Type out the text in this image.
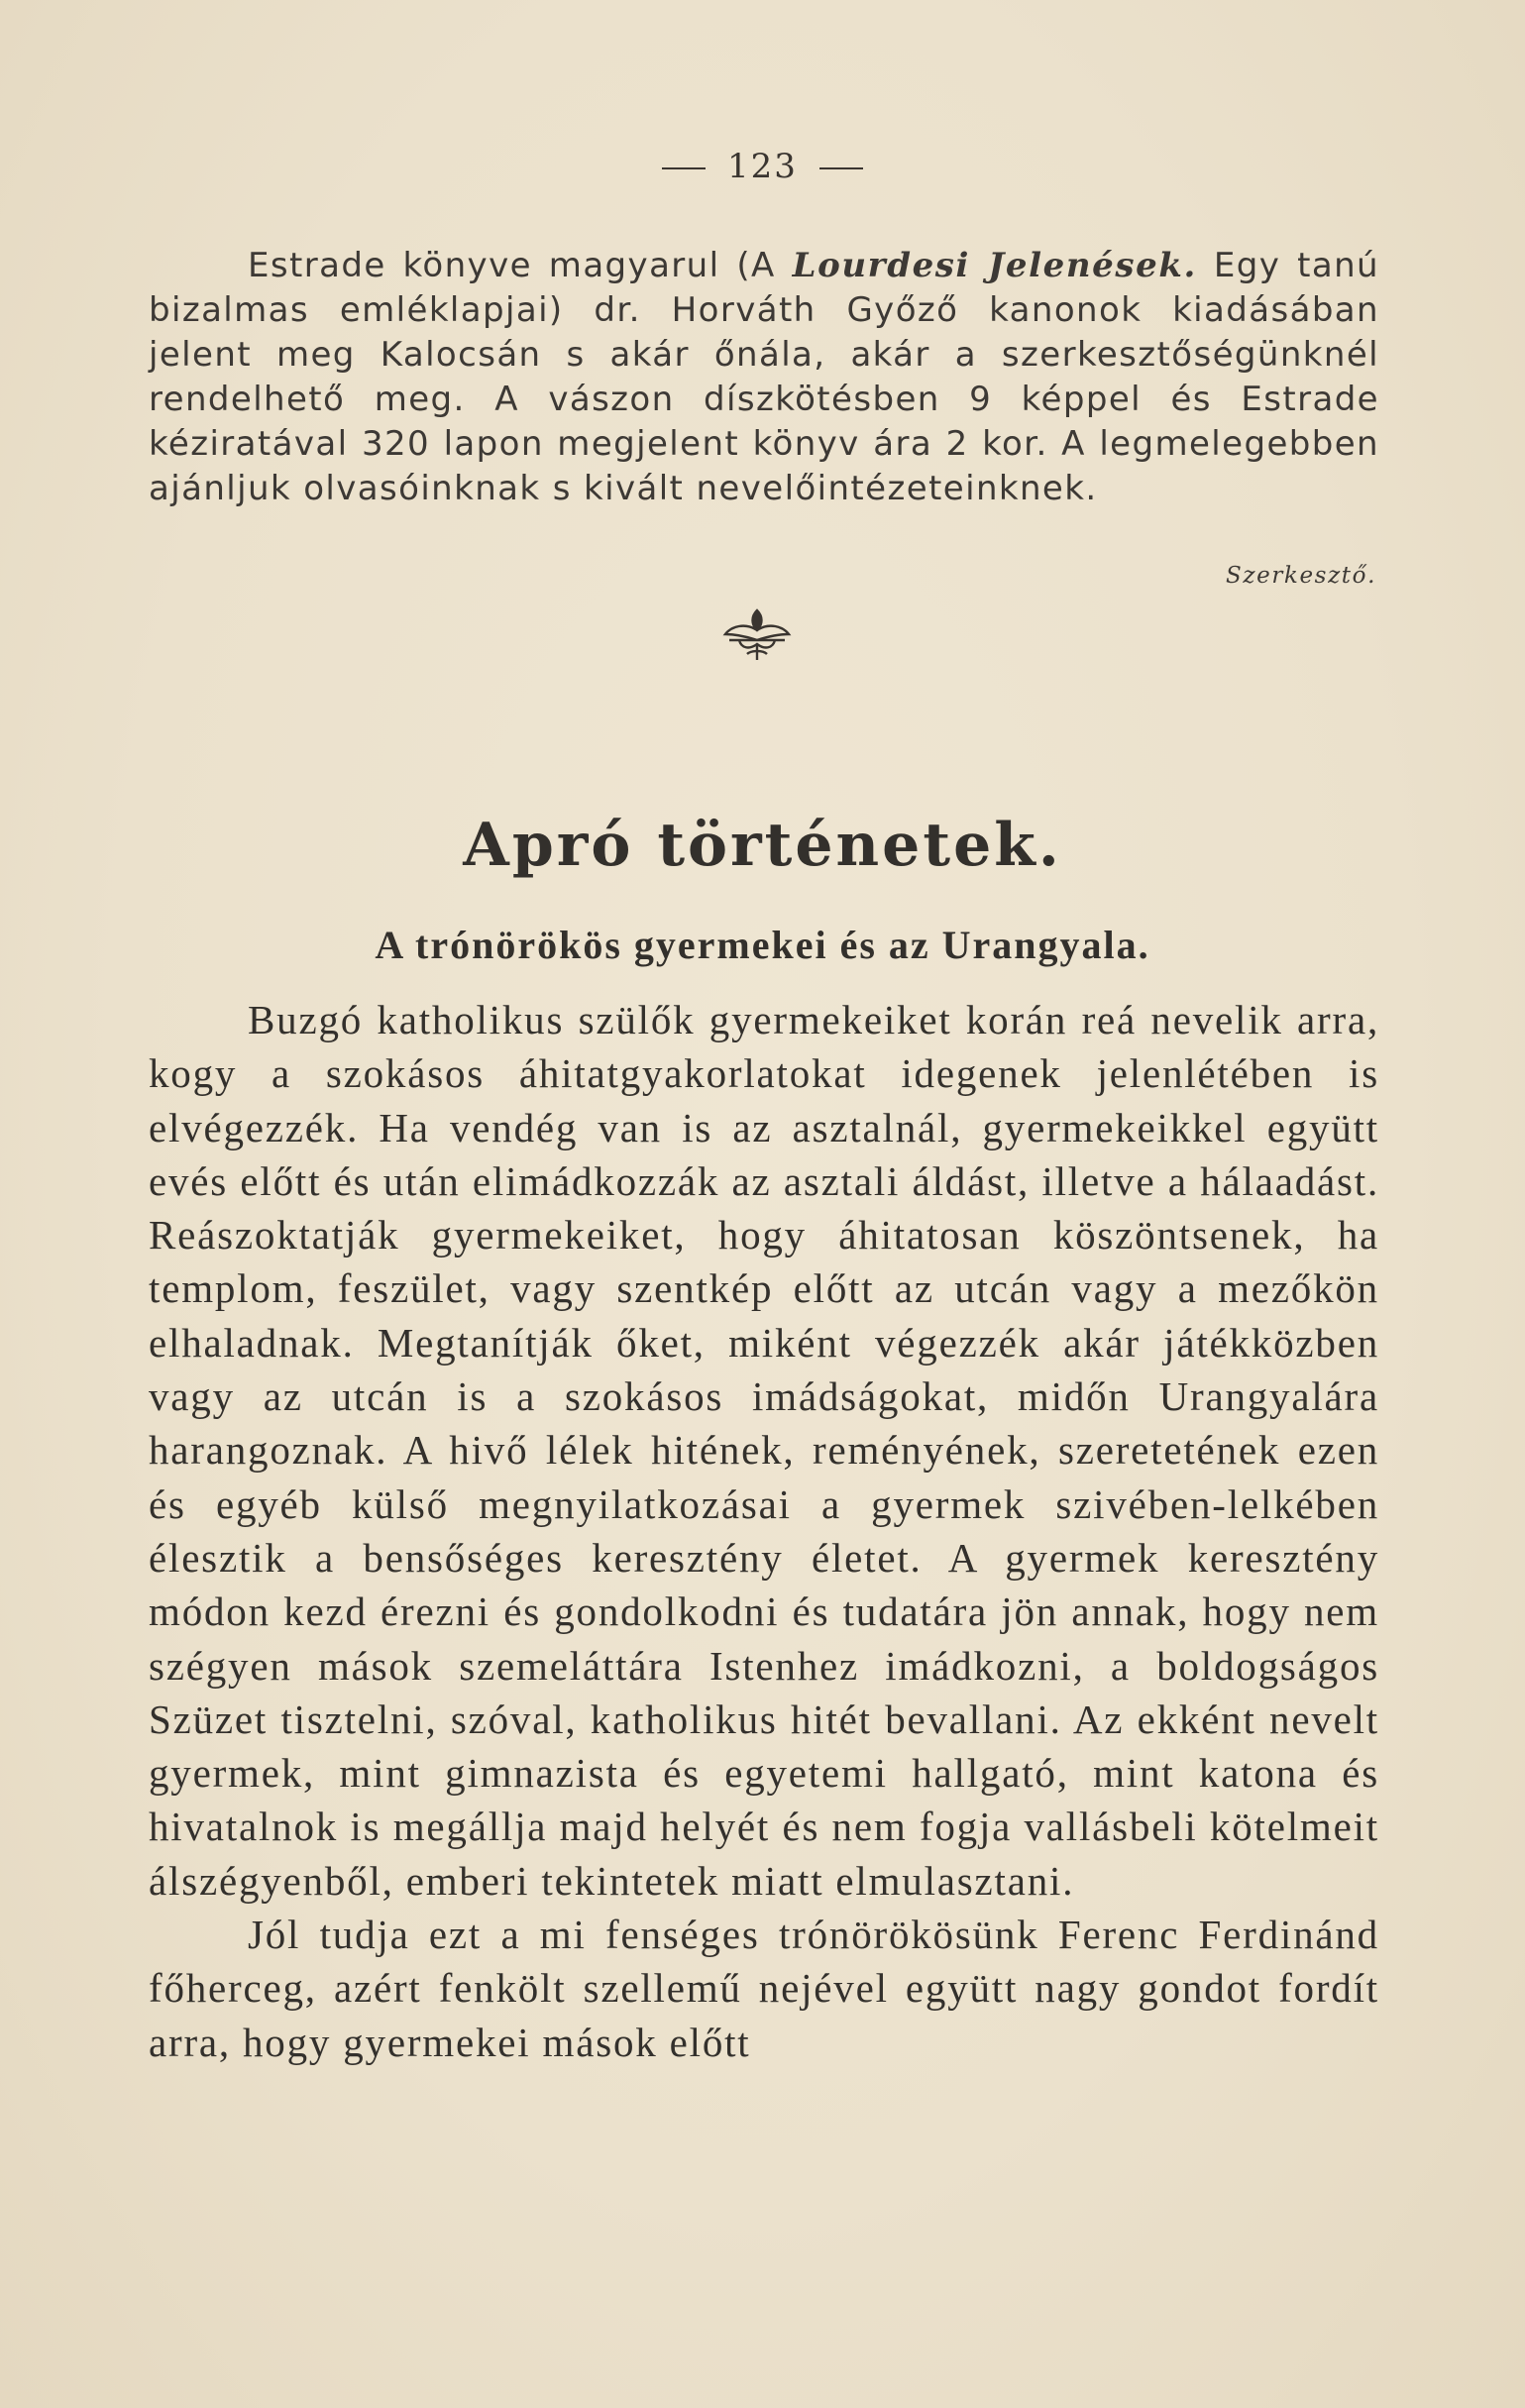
123

Estrade könyve magyarul (A Lourdesi Jelenések. Egy tanú bizalmas emléklapjai) dr. Horváth Győző kanonok kiadásában jelent meg Kalocsán s akár őnála, akár a szerkesztőségünknél rendelhető meg. A vászon díszkötésben 9 képpel és Estrade kéziratával 320 lapon megjelent könyv ára 2 kor. A legmelegebben ajánljuk olvasóinknak s kivált nevelőintézeteinknek.

Szerkesztő.
Apró történetek.
A trónörökös gyermekei és az Urangyala.

Buzgó katholikus szülők gyermekeiket korán reá nevelik arra, kogy a szokásos áhitatgyakorlatokat idegenek jelenlétében is elvégezzék. Ha vendég van is az asztalnál, gyermekeikkel együtt evés előtt és után elimádkozzák az asztali áldást, illetve a hálaadást. Reászoktatják gyermekeiket, hogy áhitatosan köszöntsenek, ha templom, feszület, vagy szentkép előtt az utcán vagy a mezőkön elhaladnak. Megtanítják őket, miként végezzék akár játékközben vagy az utcán is a szokásos imádságokat, midőn Urangyalára harangoznak. A hivő lélek hitének, reményének, szeretetének ezen és egyéb külső megnyilatkozásai a gyermek szivében-lelkében élesztik a bensőséges keresztény életet. A gyermek keresztény módon kezd érezni és gondolkodni és tudatára jön annak, hogy nem szégyen mások szemeláttára Istenhez imádkozni, a boldogságos Szüzet tisztelni, szóval, katholikus hitét bevallani. Az ekként nevelt gyermek, mint gimnazista és egyetemi hallgató, mint katona és hivatalnok is megállja majd helyét és nem fogja vallásbeli kötelmeit álszégyenből, emberi tekintetek miatt elmulasztani.

Jól tudja ezt a mi fenséges trónörökösünk Ferenc Ferdinánd főherceg, azért fenkölt szellemű nejével együtt nagy gondot fordít arra, hogy gyermekei mások előtt
